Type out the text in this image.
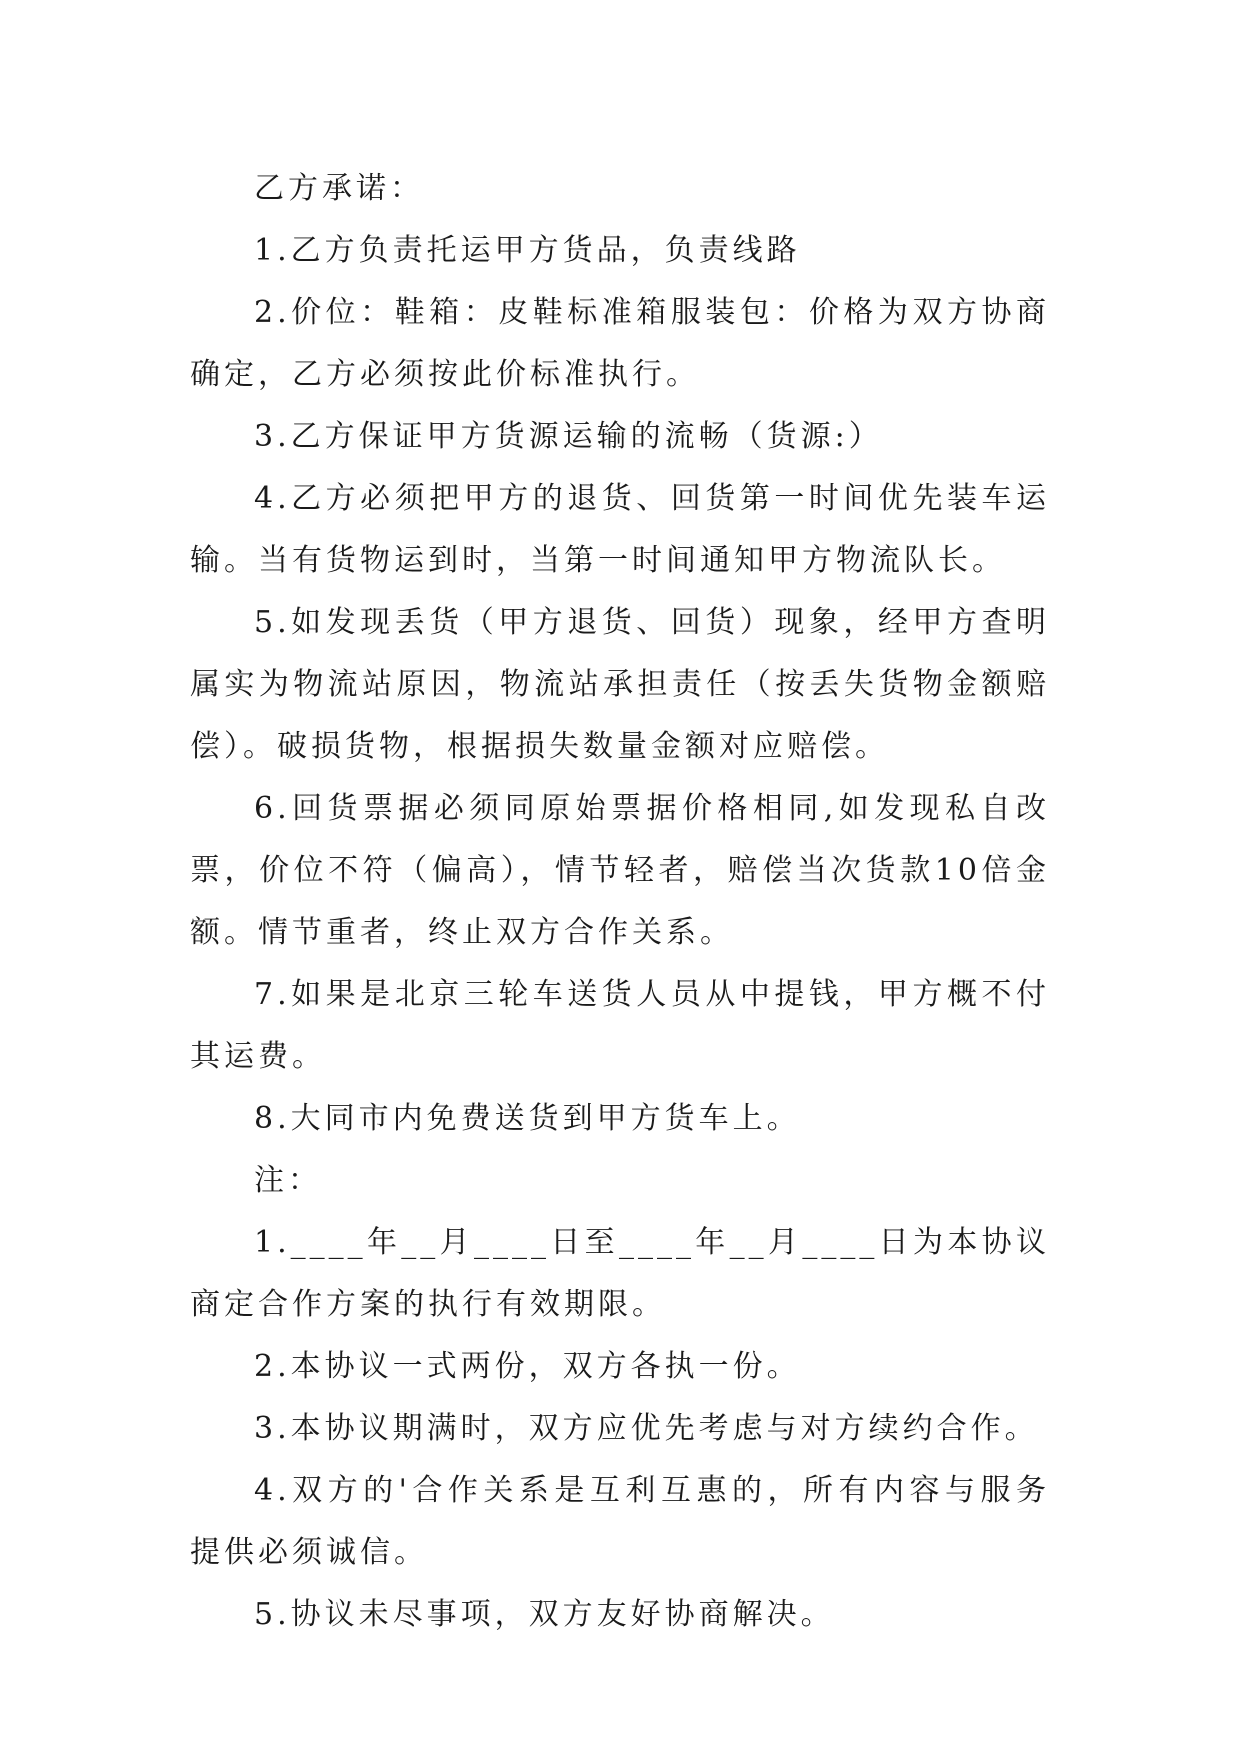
乙方承诺：

1.乙方负责托运甲方货品，负责线路

2.价位：鞋箱：皮鞋标准箱服装包：价格为双方协商确定，乙方必须按此价标准执行。

3.乙方保证甲方货源运输的流畅（货源:）

4.乙方必须把甲方的退货、回货第一时间优先装车运输。当有货物运到时，当第一时间通知甲方物流队长。

5.如发现丢货（甲方退货、回货）现象，经甲方查明属实为物流站原因，物流站承担责任（按丢失货物金额赔偿）。破损货物，根据损失数量金额对应赔偿。

6.回货票据必须同原始票据价格相同,如发现私自改票，价位不符（偏高），情节轻者，赔偿当次货款10倍金额。情节重者，终止双方合作关系。

7.如果是北京三轮车送货人员从中提钱，甲方概不付其运费。

8.大同市内免费送货到甲方货车上。

注：

1.____年__月____日至____年__月____日为本协议商定合作方案的执行有效期限。

2.本协议一式两份，双方各执一份。

3.本协议期满时，双方应优先考虑与对方续约合作。

4.双方的'合作关系是互利互惠的，所有内容与服务提供必须诚信。

5.协议未尽事项，双方友好协商解决。
